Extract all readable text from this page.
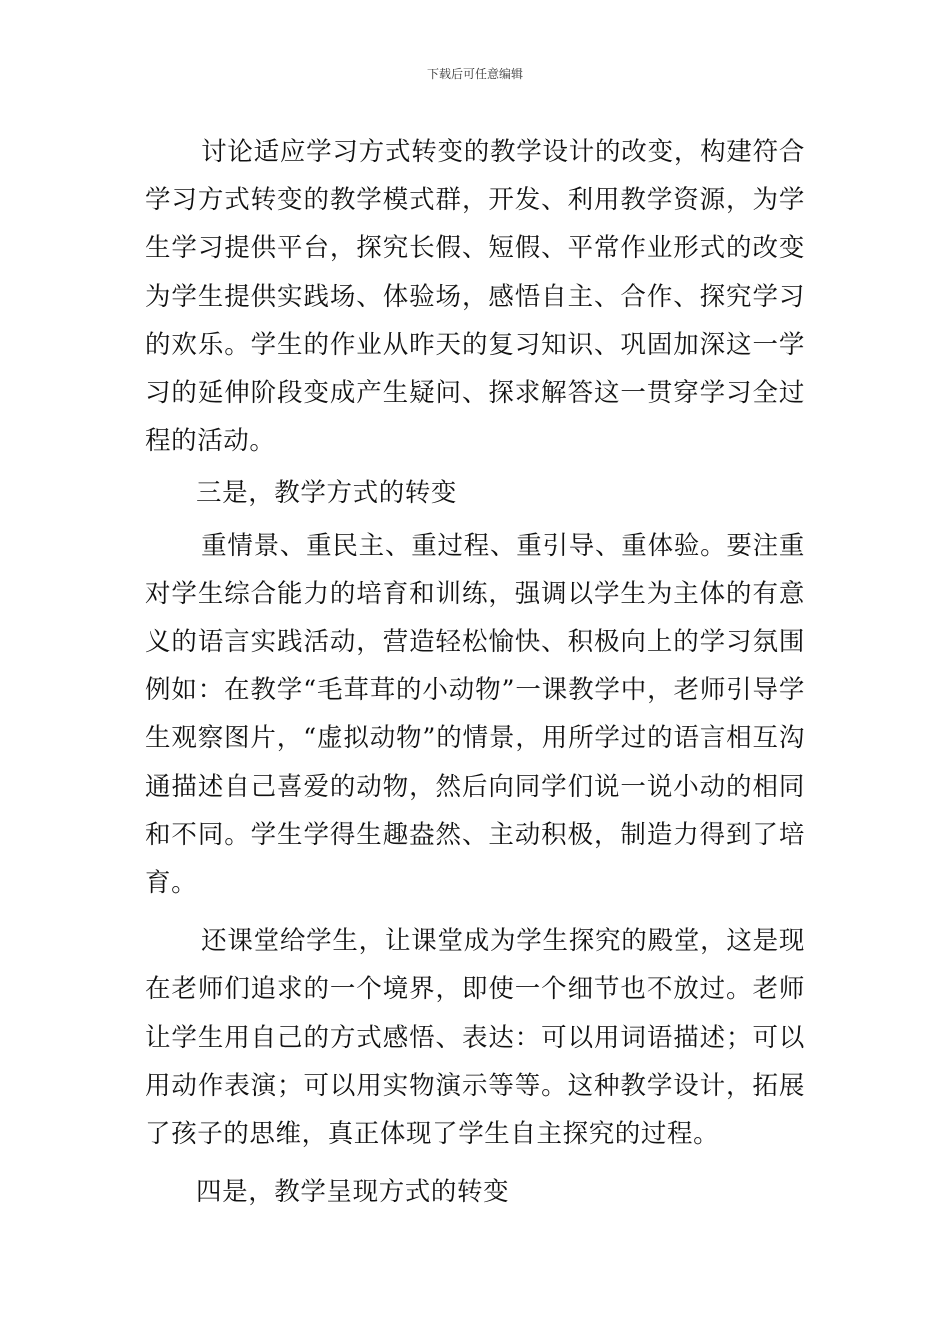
下载后可任意编辑

讨论适应学习方式转变的教学设计的改变，构建符合学习方式转变的教学模式群，开发、利用教学资源，为学生学习提供平台，探究长假、短假、平常作业形式的改变为学生提供实践场、体验场，感悟自主、合作、探究学习的欢乐。学生的作业从昨天的复习知识、巩固加深这一学习的延伸阶段变成产生疑问、探求解答这一贯穿学习全过程的活动。

三是，教学方式的转变

重情景、重民主、重过程、重引导、重体验。要注重对学生综合能力的培育和训练，强调以学生为主体的有意义的语言实践活动，营造轻松愉快、积极向上的学习氛围例如：在教学“毛茸茸的小动物”一课教学中，老师引导学生观察图片，“虚拟动物”的情景，用所学过的语言相互沟通描述自己喜爱的动物，然后向同学们说一说小动的相同和不同。学生学得生趣盎然、主动积极，制造力得到了培育。

还课堂给学生，让课堂成为学生探究的殿堂，这是现在老师们追求的一个境界，即使一个细节也不放过。老师让学生用自己的方式感悟、表达：可以用词语描述；可以用动作表演；可以用实物演示等等。这种教学设计，拓展了孩子的思维，真正体现了学生自主探究的过程。

四是，教学呈现方式的转变
